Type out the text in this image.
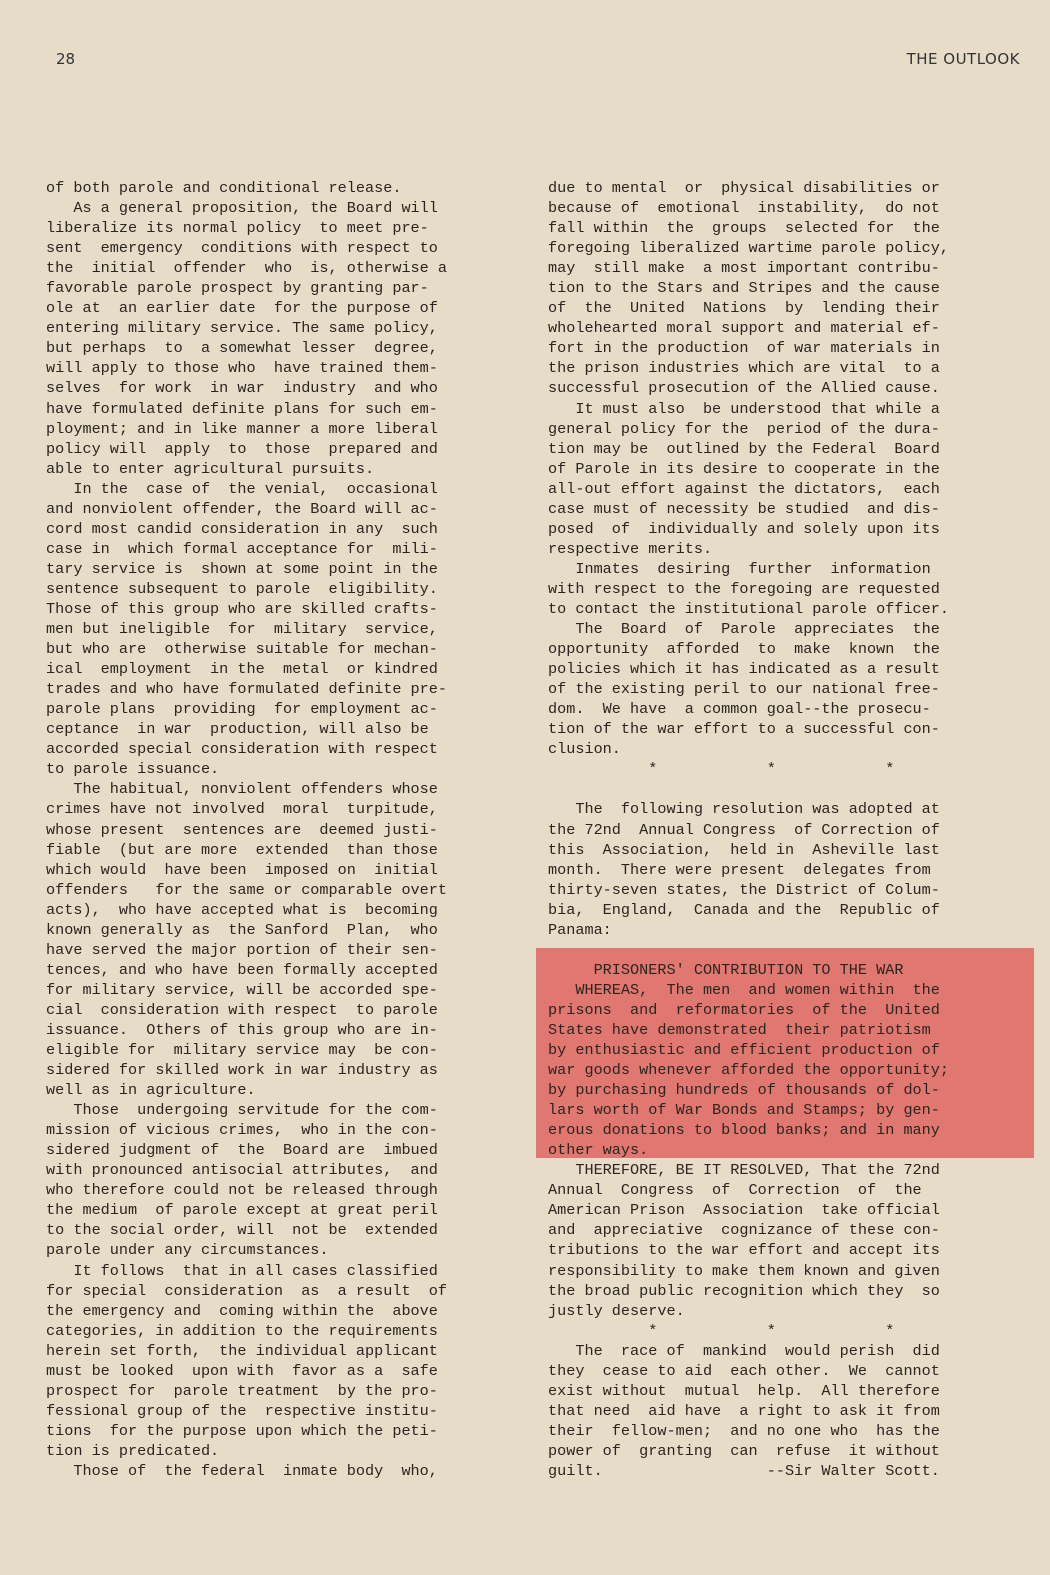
28	THE OUTLOOK
of both parole and conditional release.
As a general proposition, the Board will
liberalize its normal policy  to meet pre-
sent  emergency  conditions with respect to
the  initial  offender  who  is, otherwise a
favorable parole prospect by granting par-
ole at  an earlier date  for the purpose of
entering military service. The same policy,
but perhaps  to  a somewhat lesser  degree,
will apply to those who  have trained them-
selves  for work  in war  industry  and who
have formulated definite plans for such em-
ployment; and in like manner a more liberal
policy will  apply  to  those  prepared and
able to enter agricultural pursuits.
In the  case of  the venial,  occasional
and nonviolent offender, the Board will ac-
cord most candid consideration in any  such
case in  which formal acceptance for  mili-
tary service is  shown at some point in the
sentence subsequent to parole  eligibility.
Those of this group who are skilled crafts-
men but ineligible  for  military  service,
but who are  otherwise suitable for mechan-
ical  employment  in the  metal  or kindred
trades and who have formulated definite pre-
parole plans  providing  for employment ac-
ceptance  in war  production, will also be
accorded special consideration with respect
to parole issuance.
The habitual, nonviolent offenders whose
crimes have not involved  moral  turpitude,
whose present  sentences are  deemed justi-
fiable  (but are more  extended  than those
which would  have been  imposed on  initial
offenders   for the same or comparable overt
acts),  who have accepted what is  becoming
known generally as  the Sanford  Plan,  who
have served the major portion of their sen-
tences, and who have been formally accepted
for military service, will be accorded spe-
cial  consideration with respect  to parole
issuance.  Others of this group who are in-
eligible for  military service may  be con-
sidered for skilled work in war industry as
well as in agriculture.
Those  undergoing servitude for the com-
mission of vicious crimes,  who in the con-
sidered judgment of  the  Board are  imbued
with pronounced antisocial attributes,  and
who therefore could not be released through
the medium  of parole except at great peril
to the social order, will  not be  extended
parole under any circumstances.
It follows  that in all cases classified
for special  consideration  as  a result  of
the emergency and  coming within the  above
categories, in addition to the requirements
herein set forth,  the individual applicant
must be looked  upon with  favor as a  safe
prospect for  parole treatment  by the pro-
fessional group of the  respective institu-
tions  for the purpose upon which the peti-
tion is predicated.
Those of  the federal  inmate body  who,
due to mental  or  physical disabilities or
because of  emotional  instability,  do not
fall within  the  groups  selected for  the
foregoing liberalized wartime parole policy,
may  still make  a most important contribu-
tion to the Stars and Stripes and the cause
of  the  United  Nations  by  lending their
wholehearted moral support and material ef-
fort in the production  of war materials in
the prison industries which are vital  to a
successful prosecution of the Allied cause.
It must also  be understood that while a
general policy for the  period of the dura-
tion may be  outlined by the Federal  Board
of Parole in its desire to cooperate in the
all-out effort against the dictators,  each
case must of necessity be studied  and dis-
posed  of  individually and solely upon its
respective merits.
Inmates  desiring  further  information
with respect to the foregoing are requested
to contact the institutional parole officer.
The  Board  of  Parole  appreciates  the
opportunity  afforded  to  make  known  the
policies which it has indicated as a result
of the existing peril to our national free-
dom.  We have  a common goal--the prosecu-
tion of the war effort to a successful con-
clusion.
*            *            *

The  following resolution was adopted at
the 72nd  Annual Congress  of Correction of
this  Association,  held in  Asheville last
month.  There were present  delegates from
thirty-seven states, the District of Colum-
bia,  England,  Canada and the  Republic of
Panama:

PRISONERS' CONTRIBUTION TO THE WAR
WHEREAS,  The men  and women within  the
prisons  and  reformatories  of the  United
States have demonstrated  their patriotism
by enthusiastic and efficient production of
war goods whenever afforded the opportunity;
by purchasing hundreds of thousands of dol-
lars worth of War Bonds and Stamps; by gen-
erous donations to blood banks; and in many
other ways.
THEREFORE, BE IT RESOLVED, That the 72nd
Annual  Congress  of  Correction  of  the
American Prison  Association  take official
and  appreciative  cognizance of these con-
tributions to the war effort and accept its
responsibility to make them known and given
the broad public recognition which they  so
justly deserve.
*            *            *
The  race of  mankind  would perish  did
they  cease to aid  each other.  We  cannot
exist without  mutual  help.  All therefore
that need  aid have  a right to ask it from
their  fellow-men;  and no one who  has the
power of  granting  can  refuse  it without
guilt.                  --Sir Walter Scott.
